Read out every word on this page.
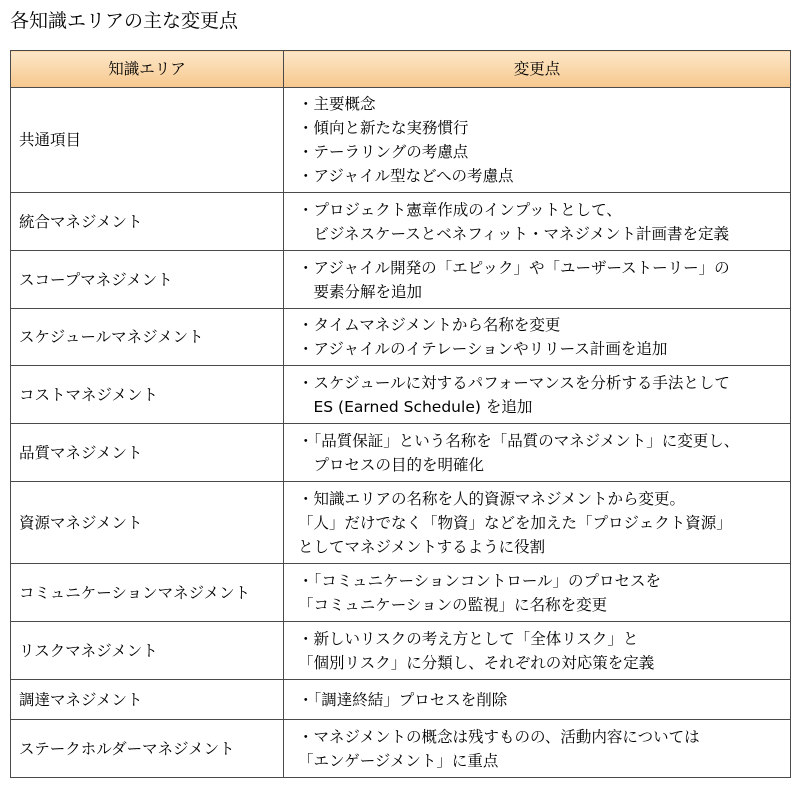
各知識エリアの主な変更点
知識エリア	変更点
共通項目	・主要概念
・傾向と新たな実務慣行
・テーラリングの考慮点
・アジャイル型などへの考慮点

統合マネジメント	・プロジェクト憲章作成のインプットとして、
　ビジネスケースとベネフィット・マネジメント計画書を定義

スコープマネジメント	・アジャイル開発の「エピック」や「ユーザーストーリー」の
　要素分解を追加

スケジュールマネジメント	・タイムマネジメントから名称を変更
・アジャイルのイテレーションやリリース計画を追加

コストマネジメント	・スケジュールに対するパフォーマンスを分析する手法として
　ES (Earned Schedule) を追加

品質マネジメント	・「品質保証」という名称を「品質のマネジメント」に変更し、
　プロセスの目的を明確化

資源マネジメント	・知識エリアの名称を人的資源マネジメントから変更。
「人」だけでなく「物資」などを加えた「プロジェクト資源」
としてマネジメントするように役割

コミュニケーションマネジメント	・「コミュニケーションコントロール」のプロセスを
「コミュニケーションの監視」に名称を変更

リスクマネジメント	・新しいリスクの考え方として「全体リスク」と
「個別リスク」に分類し、それぞれの対応策を定義

調達マネジメント	・「調達終結」プロセスを削除

ステークホルダーマネジメント	・マネジメントの概念は残すものの、活動内容については
「エンゲージメント」に重点
